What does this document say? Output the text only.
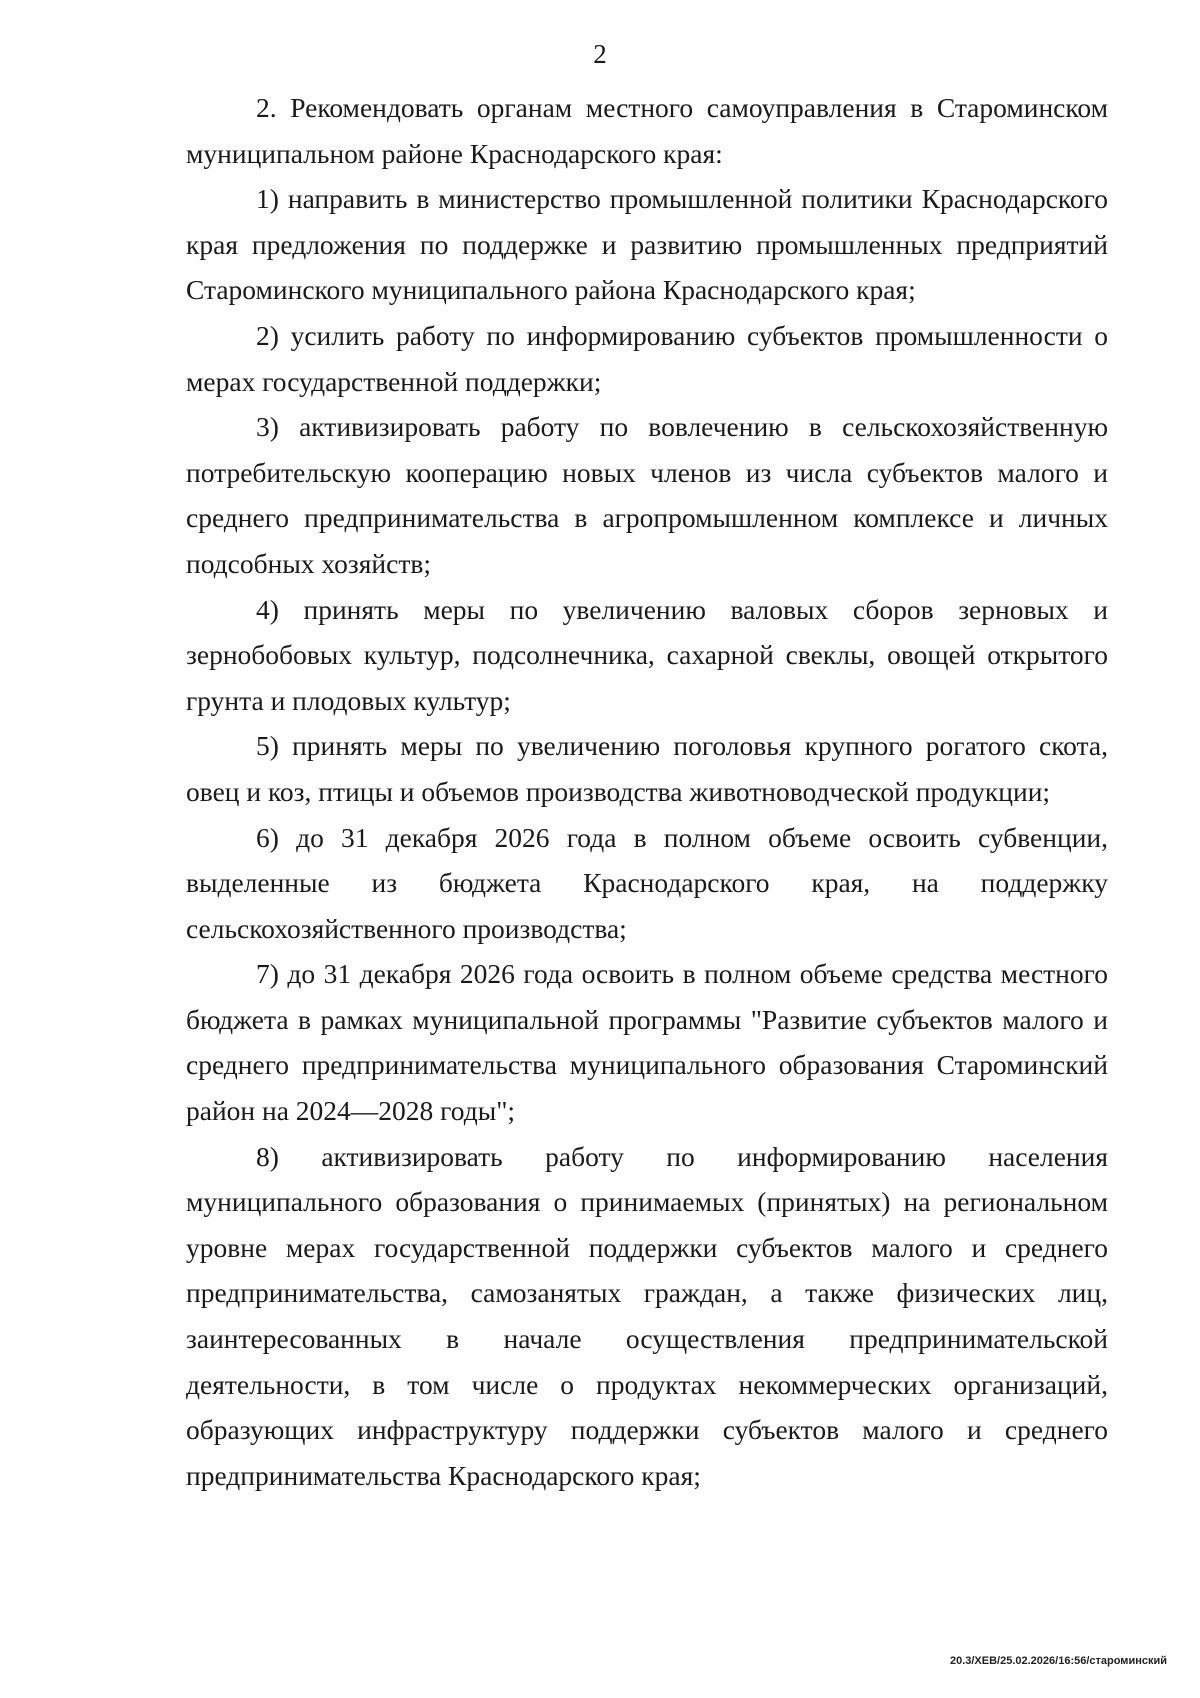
2

2. Рекомендовать органам местного самоуправления в Староминском муниципальном районе Краснодарского края:

1) направить в министерство промышленной политики Краснодарского края предложения по поддержке и развитию промышленных предприятий Староминского муниципального района Краснодарского края;

2) усилить работу по информированию субъектов промышленности о мерах государственной поддержки;

3) активизировать работу по вовлечению в сельскохозяйственную потребительскую кооперацию новых членов из числа субъектов малого и среднего предпринимательства в агропромышленном комплексе и личных подсобных хозяйств;

4) принять меры по увеличению валовых сборов зерновых и зернобобовых культур, подсолнечника, сахарной свеклы, овощей открытого грунта и плодовых культур;

5) принять меры по увеличению поголовья крупного рогатого скота, овец и коз, птицы и объемов производства животноводческой продукции;

6) до 31 декабря 2026 года в полном объеме освоить субвенции, выделенные из бюджета Краснодарского края, на поддержку сельскохозяйственного производства;

7) до 31 декабря 2026 года освоить в полном объеме средства местного бюджета в рамках муниципальной программы "Развитие субъектов малого и среднего предпринимательства муниципального образования Староминский район на 2024—2028 годы";

8) активизировать работу по информированию населения муниципального образования о принимаемых (принятых) на региональном уровне мерах государственной поддержки субъектов малого и среднего предпринимательства, самозанятых граждан, а также физических лиц, заинтересованных в начале осуществления предпринимательской деятельности, в том числе о продуктах некоммерческих организаций, образующих инфраструктуру поддержки субъектов малого и среднего предпринимательства Краснодарского края;

20.3/ХЕВ/25.02.2026/16:56/староминский
